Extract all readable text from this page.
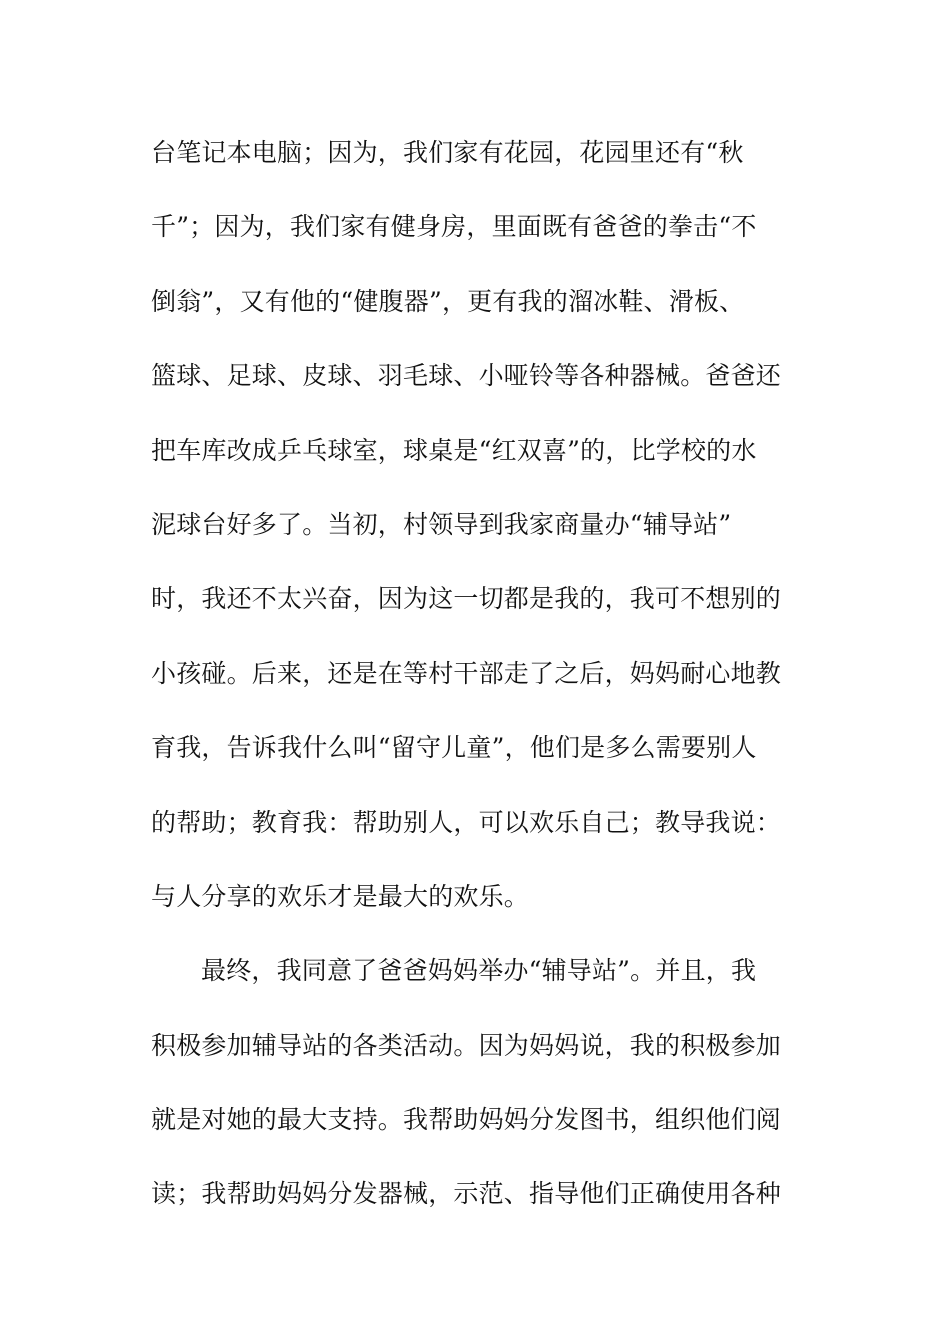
台笔记本电脑；因为，我们家有花园，花园里还有“秋
千”；因为，我们家有健身房，里面既有爸爸的拳击“不
倒翁”，又有他的“健腹器”，更有我的溜冰鞋、滑板、
篮球、足球、皮球、羽毛球、小哑铃等各种器械。爸爸还
把车库改成乒乓球室，球桌是“红双喜”的，比学校的水
泥球台好多了。当初，村领导到我家商量办“辅导站”
时，我还不太兴奋，因为这一切都是我的，我可不想别的
小孩碰。后来，还是在等村干部走了之后，妈妈耐心地教
育我，告诉我什么叫“留守儿童”，他们是多么需要别人
的帮助；教育我：帮助别人，可以欢乐自己；教导我说：
与人分享的欢乐才是最大的欢乐。
最终，我同意了爸爸妈妈举办“辅导站”。并且，我
积极参加辅导站的各类活动。因为妈妈说，我的积极参加
就是对她的最大支持。我帮助妈妈分发图书，组织他们阅
读；我帮助妈妈分发器械，示范、指导他们正确使用各种
